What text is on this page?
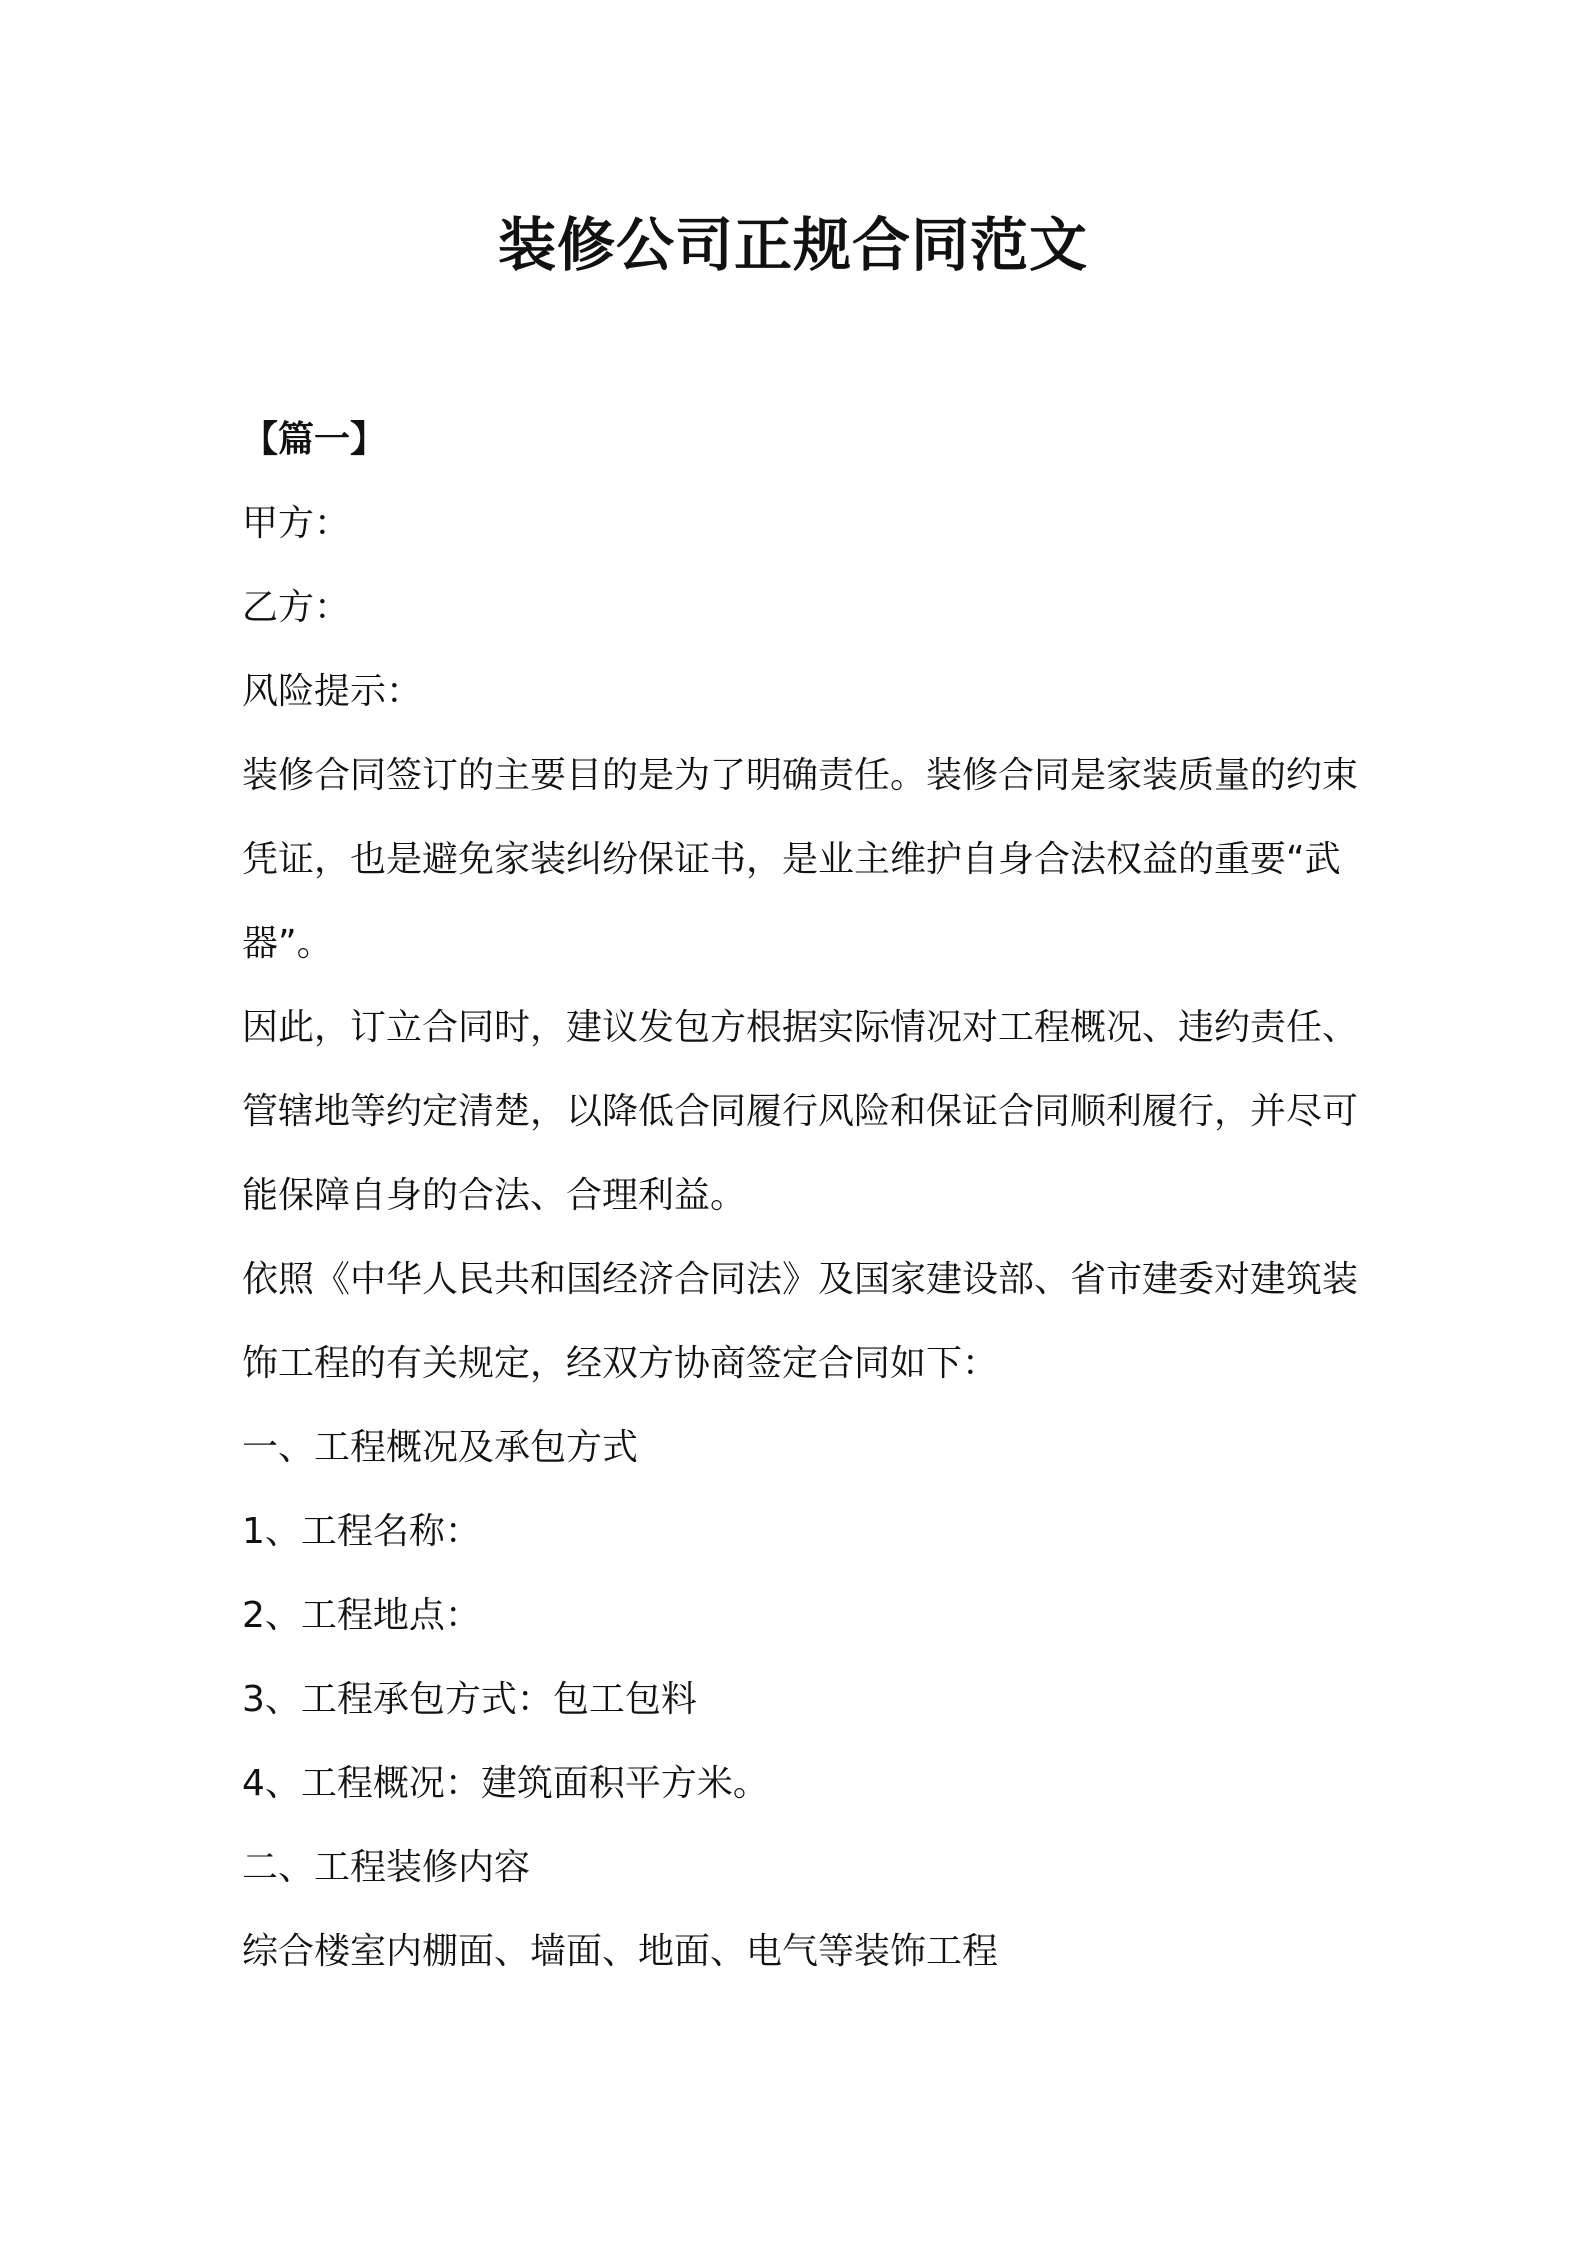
装修公司正规合同范文

【篇一】

甲方：

乙方：

风险提示：

装修合同签订的主要目的是为了明确责任。装修合同是家装质量的约束凭证，也是避免家装纠纷保证书，是业主维护自身合法权益的重要“武器”。

因此，订立合同时，建议发包方根据实际情况对工程概况、违约责任、管辖地等约定清楚，以降低合同履行风险和保证合同顺利履行，并尽可能保障自身的合法、合理利益。

依照《中华人民共和国经济合同法》及国家建设部、省市建委对建筑装饰工程的有关规定，经双方协商签定合同如下：

一、工程概况及承包方式

1、工程名称：

2、工程地点：

3、工程承包方式：包工包料

4、工程概况：建筑面积平方米。

二、工程装修内容

综合楼室内棚面、墙面、地面、电气等装饰工程
